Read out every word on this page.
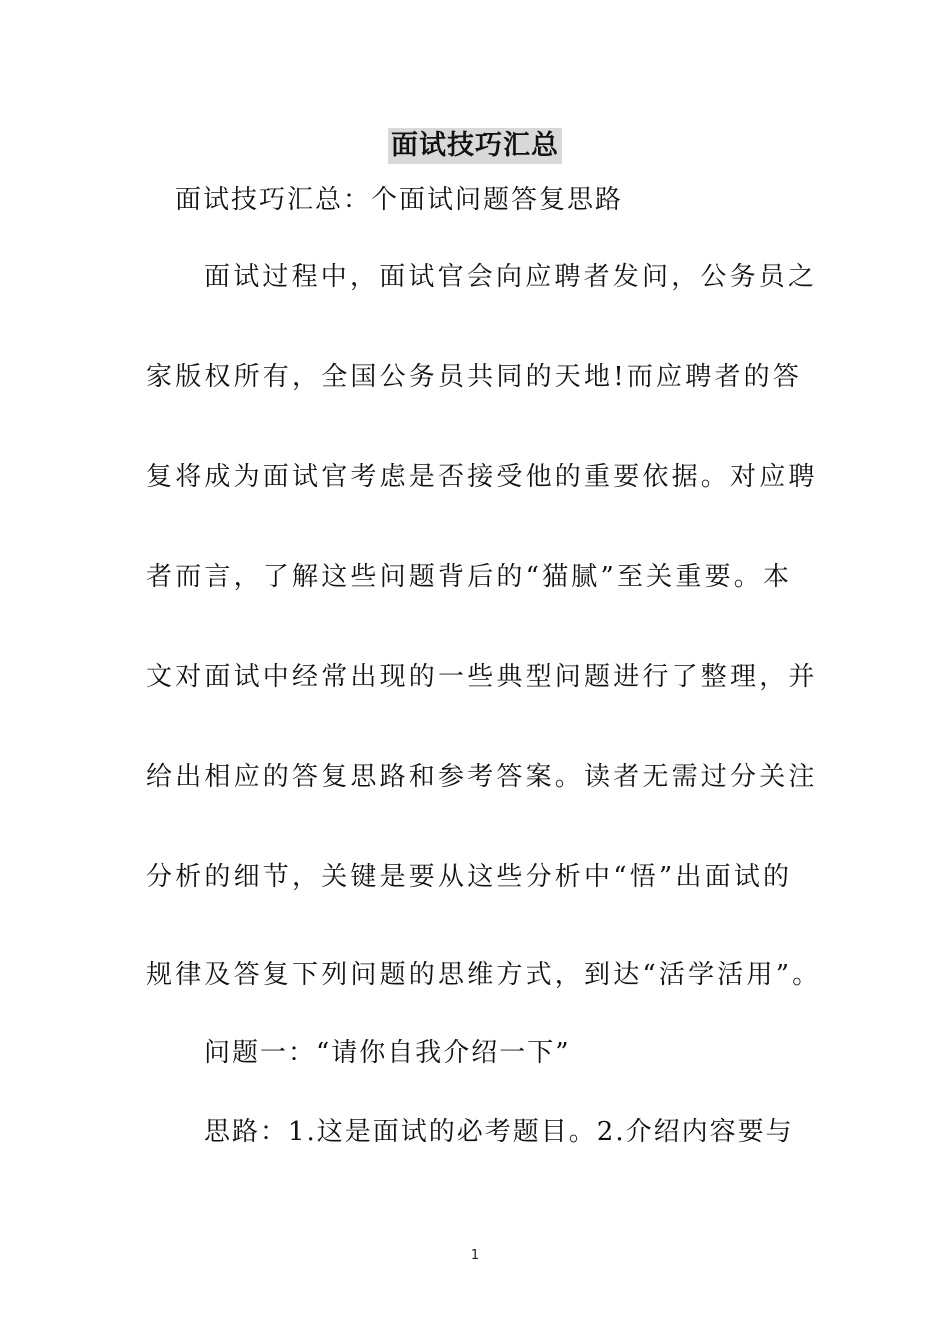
面试技巧汇总
面试技巧汇总：个面试问题答复思路
面试过程中，面试官会向应聘者发问，公务员之
家版权所有，全国公务员共同的天地!而应聘者的答
复将成为面试官考虑是否接受他的重要依据。对应聘
者而言，了解这些问题背后的“猫腻”至关重要。本
文对面试中经常出现的一些典型问题进行了整理，并
给出相应的答复思路和参考答案。读者无需过分关注
分析的细节，关键是要从这些分析中“悟”出面试的
规律及答复下列问题的思维方式，到达“活学活用”。
问题一：“请你自我介绍一下”
思路：1.这是面试的必考题目。2.介绍内容要与
1
